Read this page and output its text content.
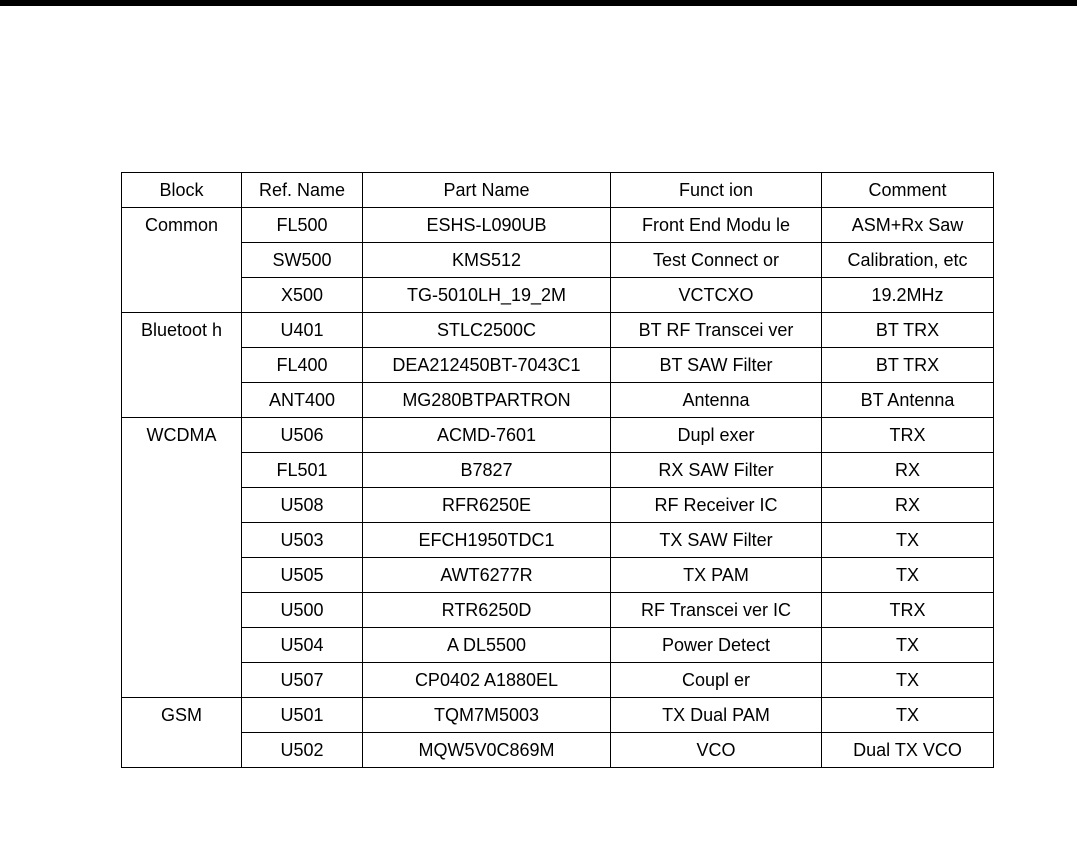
Block	Ref. Name	Part Name	Funct ion	Comment
Common	FL500	ESHS-L090UB	Front End Modu le	ASM+Rx Saw
	SW500	KMS512	Test Connect or	Calibration, etc
	X500	TG-5010LH_19_2M	VCTCXO	19.2MHz
Bluetoot h	U401	STLC2500C	BT RF Transcei ver	BT TRX
	FL400	DEA212450BT-7043C1	BT SAW Filter	BT TRX
	ANT400	MG280BTPARTRON	Antenna	BT Antenna
WCDMA	U506	ACMD-7601	Dupl exer	TRX
	FL501	B7827	RX SAW Filter	RX
	U508	RFR6250E	RF Receiver IC	RX
	U503	EFCH1950TDC1	TX SAW Filter	TX
	U505	AWT6277R	TX PAM	TX
	U500	RTR6250D	RF Transcei ver IC	TRX
	U504	A DL5500	Power Detect	TX
	U507	CP0402 A1880EL	Coupl er	TX
GSM	U501	TQM7M5003	TX Dual PAM	TX
	U502	MQW5V0C869M	VCO	Dual TX VCO
